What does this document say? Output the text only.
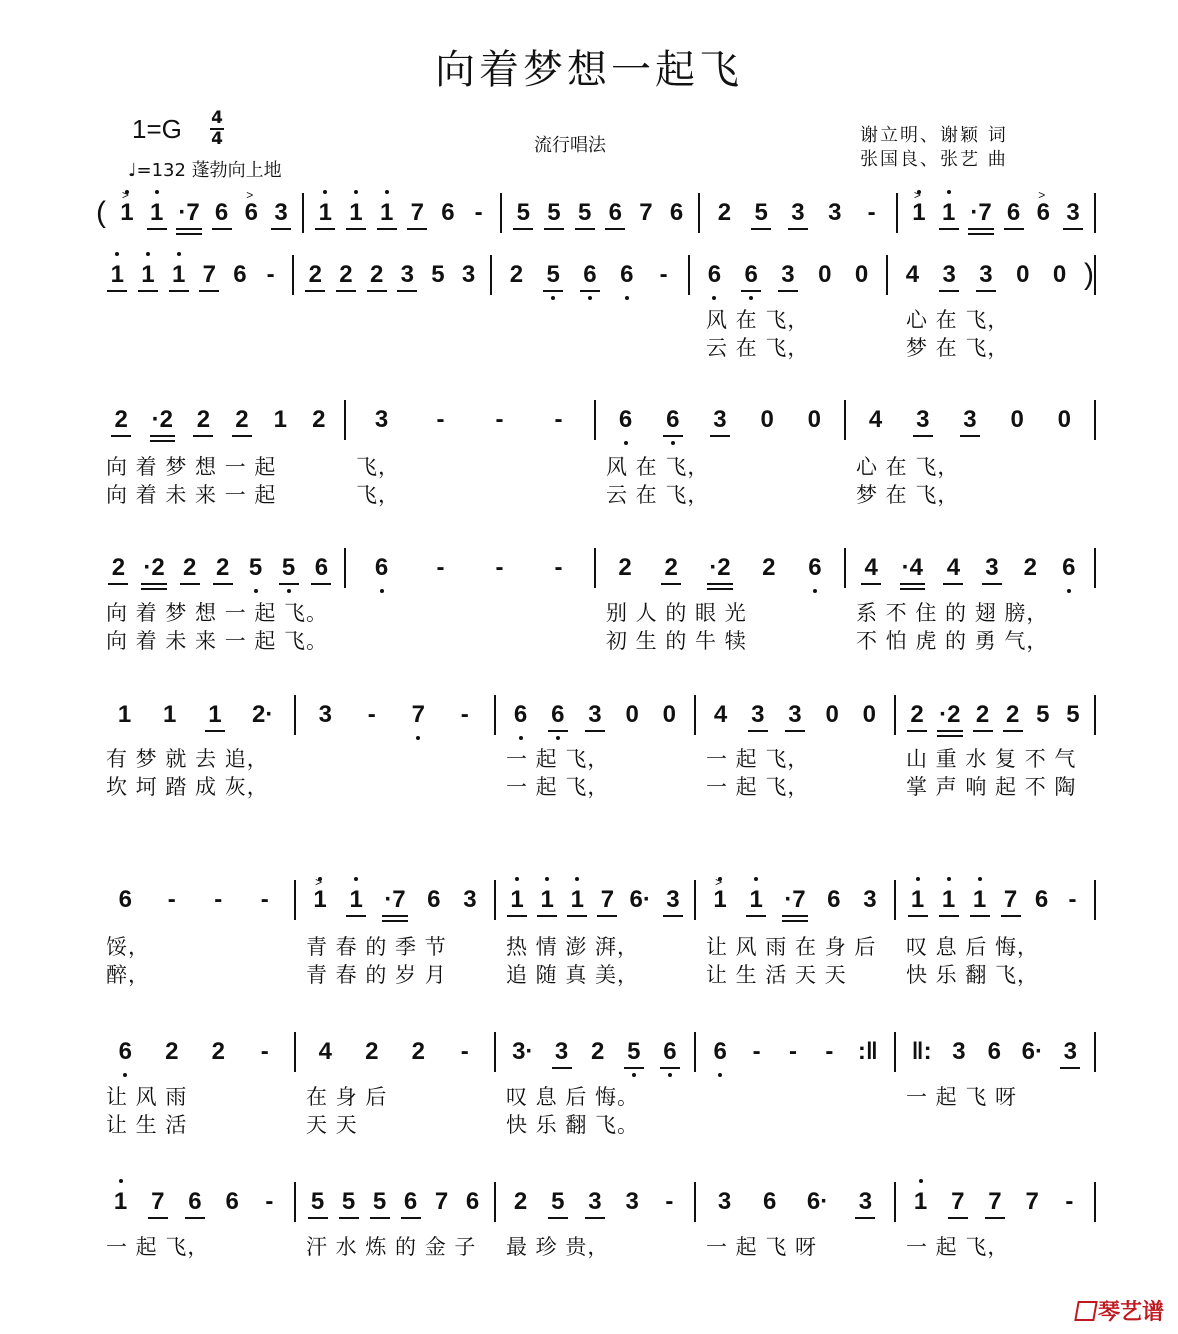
向着梦想一起飞
1=G 4
4
♩=132 蓬勃向上地
流行唱法	谢立明、谢颖 词
张国良、张艺 曲
( 1
>
1 ·7 6 6
>
3 1 1 1 7 6 - 5 5 5 6 7 6 2 5 3 3 - 1
>
1 ·7 6 6
>
3
1 1 1 7 6 - 2 2 2 3 5 3 2 5 6 6 - 6 6 3 0 0 4 3 3 0 0 )
2 ·2 2 2 1 2 3 - - - 6 6 3 0 0 4 3 3 0 0
2 ·2 2 2 5 5 6 6 - - - 2 2 ·2 2 6 4 ·4 4 3 2 6
1 1 1 2· 3 - 7 - 6 6 3 0 0 4 3 3 0 0 2 ·2 2 2 5 5
6 - - - 1
>
1 ·7 6 3 1 1 1 7 6· 3 1
>
1 ·7 6 3 1 1 1 7 6 -
6 2 2 - 4 2 2 - 3· 3 2 5 6 6 - - - :‖ ‖: 3 6 6· 3
1 7 6 6 - 5 5 5 6 7 6 2 5 3 3 - 3 6 6· 3 1 7 7 7 -
风 在 飞，	心 在 飞，
云 在 飞，	梦 在 飞，
向 着 梦 想 一 起	飞，	风 在 飞，	心 在 飞，
向 着 未 来 一 起	飞，	云 在 飞，	梦 在 飞，
向 着 梦 想 一 起 飞。	别 人 的 眼 光	系 不 住 的 翅 膀，
向 着 未 来 一 起 飞。	初 生 的 牛 犊	不 怕 虎 的 勇 气，
有 梦 就 去 追，	一 起 飞，	一 起 飞，	山 重 水 复 不 气
坎 坷 踏 成 灰，	一 起 飞，	一 起 飞，	掌 声 响 起 不 陶
馁，	青 春 的 季 节	热 情 澎 湃，	让 风 雨 在 身 后	叹 息 后 悔，
醉，	青 春 的 岁 月	追 随 真 美，	让 生 活 天 天	快 乐 翻 飞，
让 风 雨	在 身 后	叹 息 后 悔。	一 起 飞 呀
让 生 活	天 天	快 乐 翻 飞。
一 起 飞，	汗 水 炼 的 金 子	最 珍 贵，	一 起 飞 呀	一 起 飞，
琴艺谱
